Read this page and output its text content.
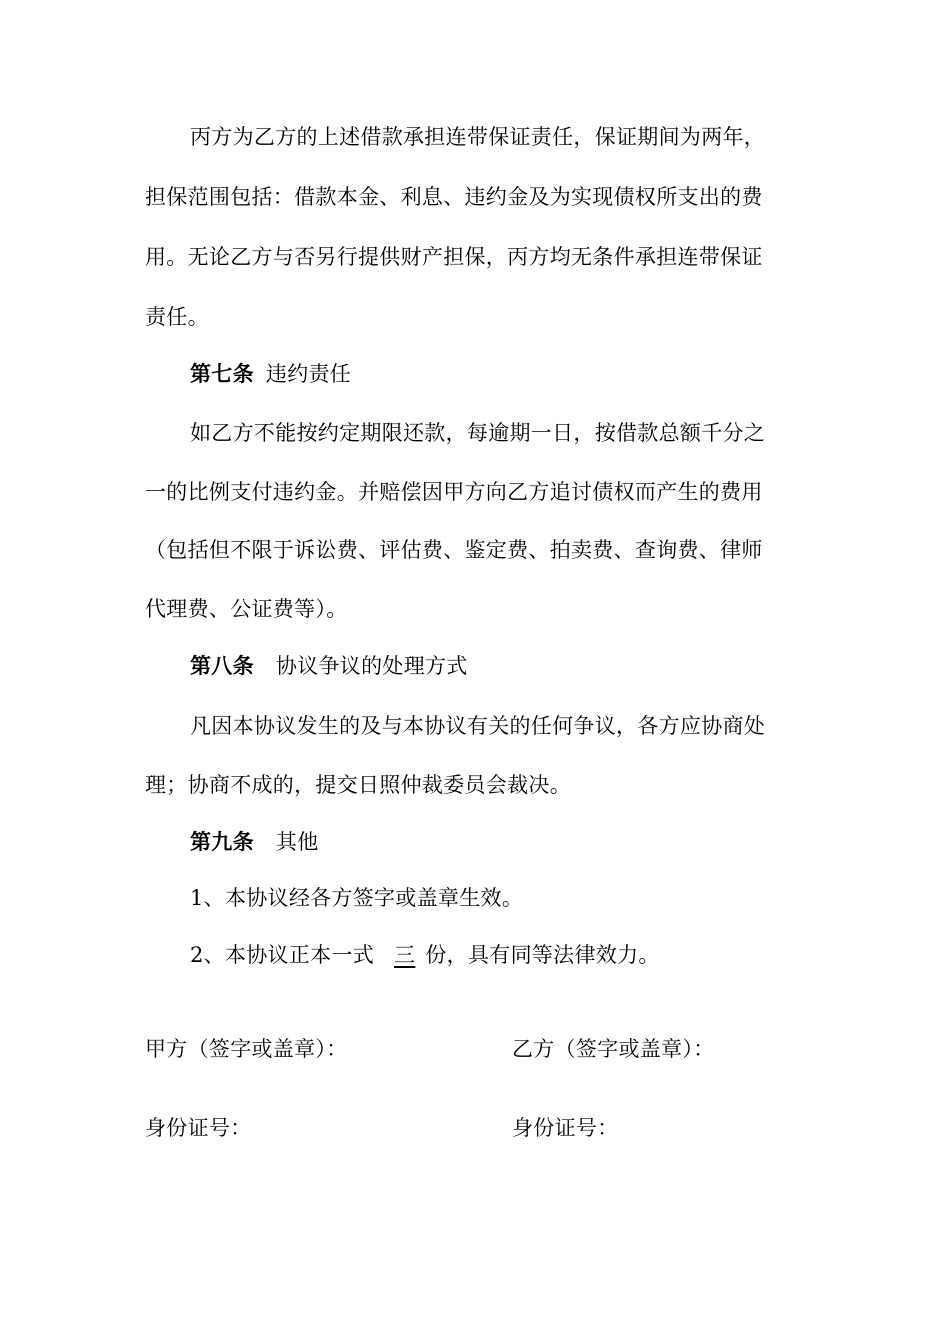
丙方为乙方的上述借款承担连带保证责任，保证期间为两年，
担保范围包括：借款本金、利息、违约金及为实现债权所支出的费
用。无论乙方与否另行提供财产担保，丙方均无条件承担连带保证
责任。
第七条 违约责任
如乙方不能按约定期限还款，每逾期一日，按借款总额千分之
一的比例支付违约金。并赔偿因甲方向乙方追讨债权而产生的费用
（包括但不限于诉讼费、评估费、鉴定费、拍卖费、查询费、律师
代理费、公证费等）。
第八条 协议争议的处理方式
凡因本协议发生的及与本协议有关的任何争议，各方应协商处
理；协商不成的，提交日照仲裁委员会裁决。
第九条 其他
1、本协议经各方签字或盖章生效。
2、本协议正本一式 三 份，具有同等法律效力。
甲方（签字或盖章）：	乙方（签字或盖章）：
身份证号：	身份证号：
